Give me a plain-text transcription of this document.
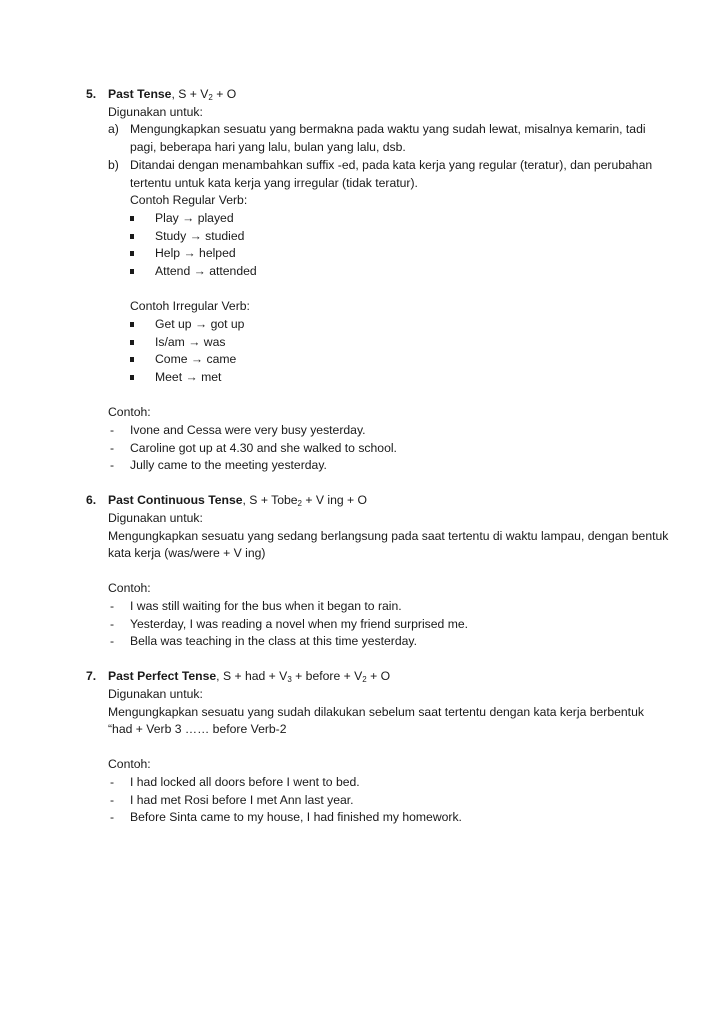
5. Past Tense, $S + V_2 + O$
Digunakan untuk:
a) Mengungkapkan sesuatu yang bermakna pada waktu yang sudah lewat, misalnya kemarin, tadi
pagi, beberapa hari yang lalu, bulan yang lalu, dsb.
b) Ditandai dengan menambahkan suffix -ed, pada kata kerja yang regular (teratur), dan perubahan
tertentu untuk kata kerja yang irregular (tidak teratur).
Contoh Regular Verb:
Play → played
Study → studied
Help → helped
Attend → attended
Contoh Irregular Verb:
Get up → got up
Is/am → was
Come → came
Meet → met
Contoh:
- Ivone and Cessa were very busy yesterday.
- Caroline got up at 4.30 and she walked to school.
- Jully came to the meeting yesterday.
6. Past Continuous Tense, S + Tobe$_2$ + V ing + O
Digunakan untuk:
Mengungkapkan sesuatu yang sedang berlangsung pada saat tertentu di waktu lampau, dengan bentuk
kata kerja (was/were + V ing)
Contoh:
- I was still waiting for the bus when it began to rain.
- Yesterday, I was reading a novel when my friend surprised me.
- Bella was teaching in the class at this time yesterday.
7. Past Perfect Tense, S + had + $V_3$ + before + $V_2 + O$
Digunakan untuk:
Mengungkapkan sesuatu yang sudah dilakukan sebelum saat tertentu dengan kata kerja berbentuk
“had + Verb 3 …… before Verb-2
Contoh:
- I had locked all doors before I went to bed.
- I had met Rosi before I met Ann last year.
- Before Sinta came to my house, I had finished my homework.
